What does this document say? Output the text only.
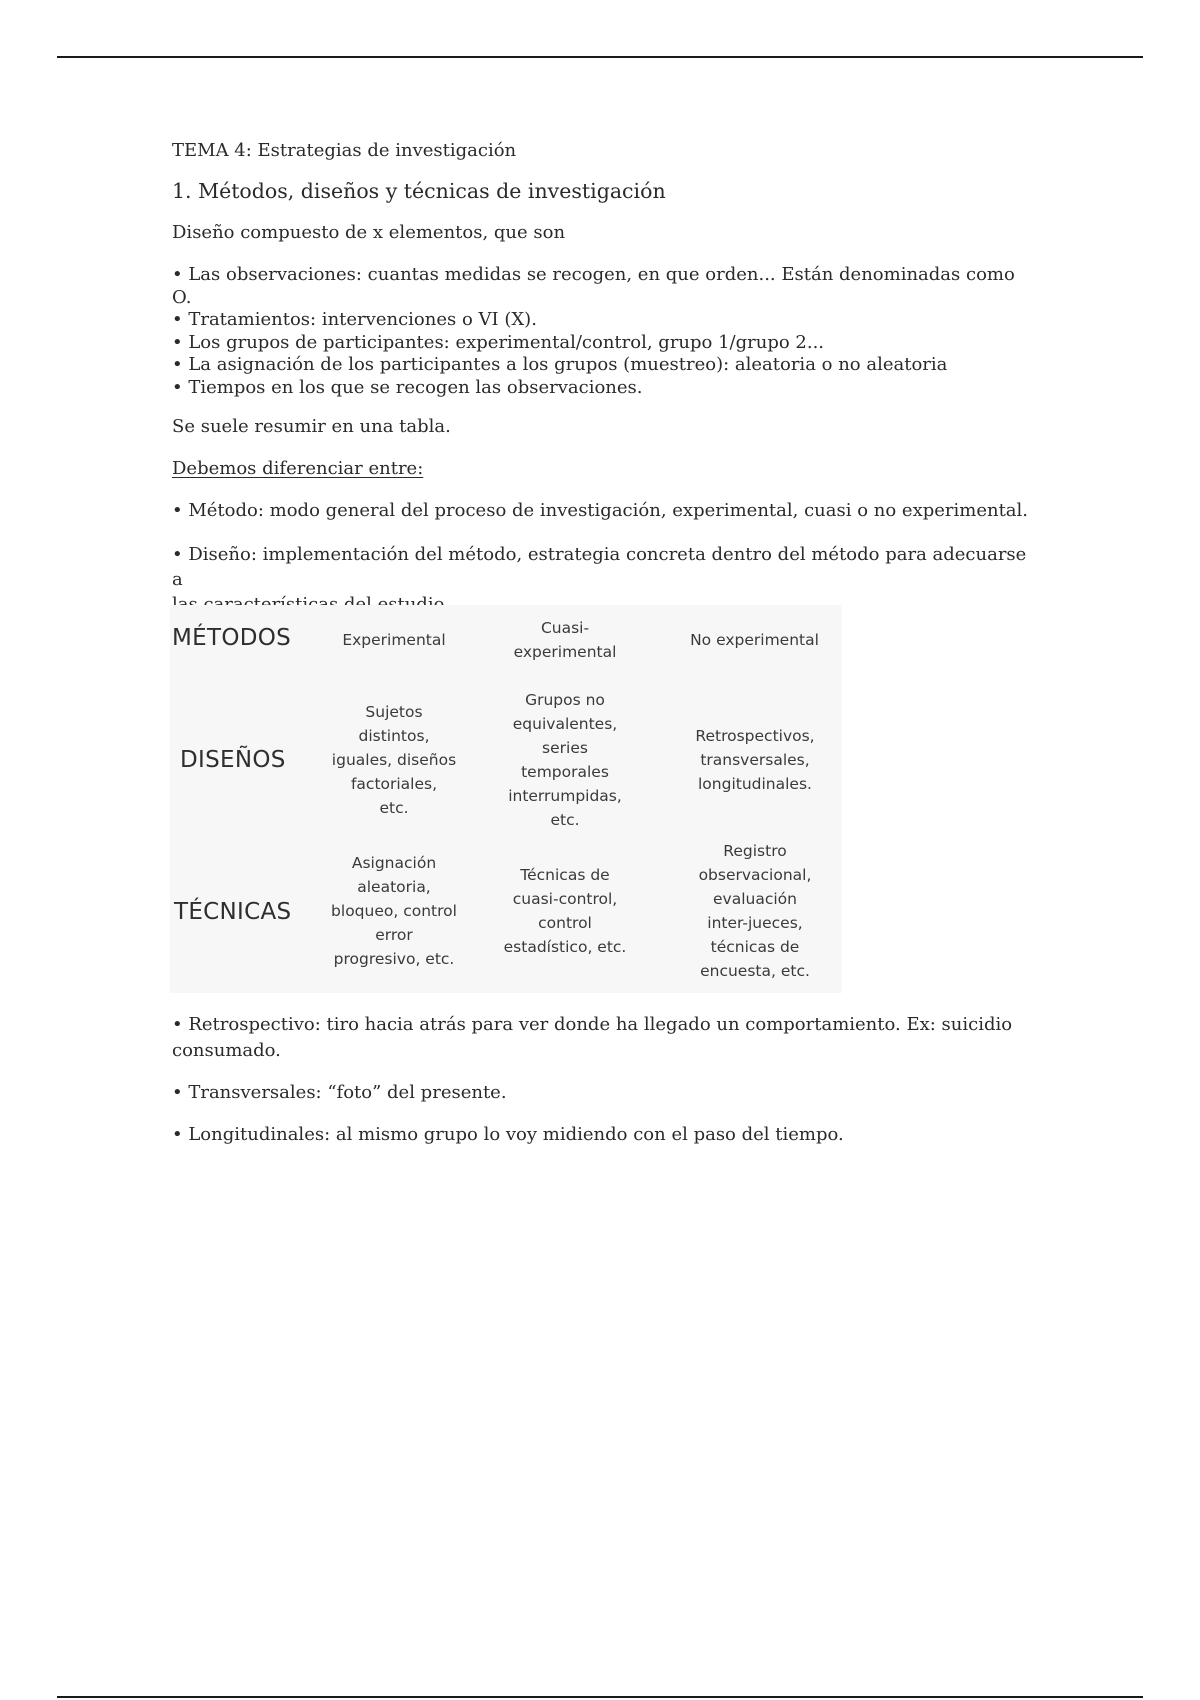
TEMA 4: Estrategias de investigación

1. Métodos, diseños y técnicas de investigación

Diseño compuesto de x elementos, que son

• Las observaciones: cuantas medidas se recogen, en que orden... Están denominadas como O.

• Tratamientos: intervenciones o VI (X).

• Los grupos de participantes: experimental/control, grupo 1/grupo 2...

• La asignación de los participantes a los grupos (muestreo): aleatoria o no aleatoria

• Tiempos en los que se recogen las observaciones.

Se suele resumir en una tabla.

Debemos diferenciar entre:

• Método: modo general del proceso de investigación, experimental, cuasi o no experimental.

• Diseño: implementación del método, estrategia concreta dentro del método para adecuarse a

MÉTODOS
DISEÑOS
TÉCNICAS
Experimental
Cuasi-
experimental
No experimental
Sujetos
distintos,
iguales, diseños
factoriales,
etc.
Grupos no
equivalentes,
series
temporales
interrumpidas,
etc.
Retrospectivos,
transversales,
longitudinales.
Asignación
aleatoria,
bloqueo, control
error
progresivo, etc.
Técnicas de
cuasi-control,
control
estadístico, etc.
Registro
observacional,
evaluación
inter-jueces,
técnicas de
encuesta, etc.

• Retrospectivo: tiro hacia atrás para ver donde ha llegado un comportamiento. Ex: suicidio

consumado.

• Transversales: “foto” del presente.

• Longitudinales: al mismo grupo lo voy midiendo con el paso del tiempo.
